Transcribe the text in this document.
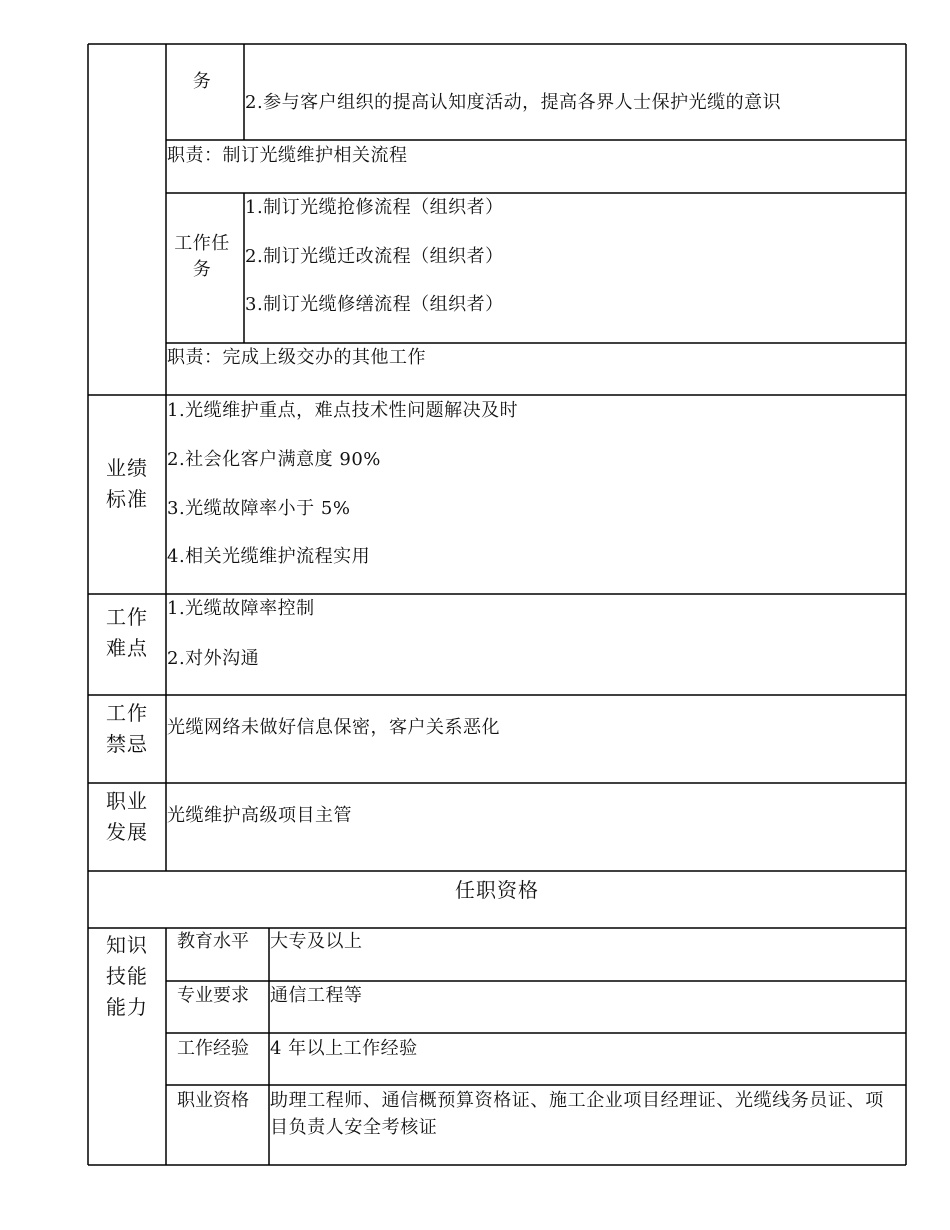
务
2.参与客户组织的提高认知度活动，提高各界人士保护光缆的意识
职责：制订光缆维护相关流程
工作任务
1.制订光缆抢修流程（组织者）
2.制订光缆迁改流程（组织者）
3.制订光缆修缮流程（组织者）
职责：完成上级交办的其他工作
业绩标准
1.光缆维护重点，难点技术性问题解决及时
2.社会化客户满意度 90%
3.光缆故障率小于 5%
4.相关光缆维护流程实用
工作难点
1.光缆故障率控制
2.对外沟通
工作禁忌
光缆网络未做好信息保密，客户关系恶化
职业发展
光缆维护高级项目主管
任职资格
知识技能能力
教育水平 大专及以上
专业要求 通信工程等
工作经验 4 年以上工作经验
职业资格 助理工程师、通信概预算资格证、施工企业项目经理证、光缆线务员证、项目负责人安全考核证
